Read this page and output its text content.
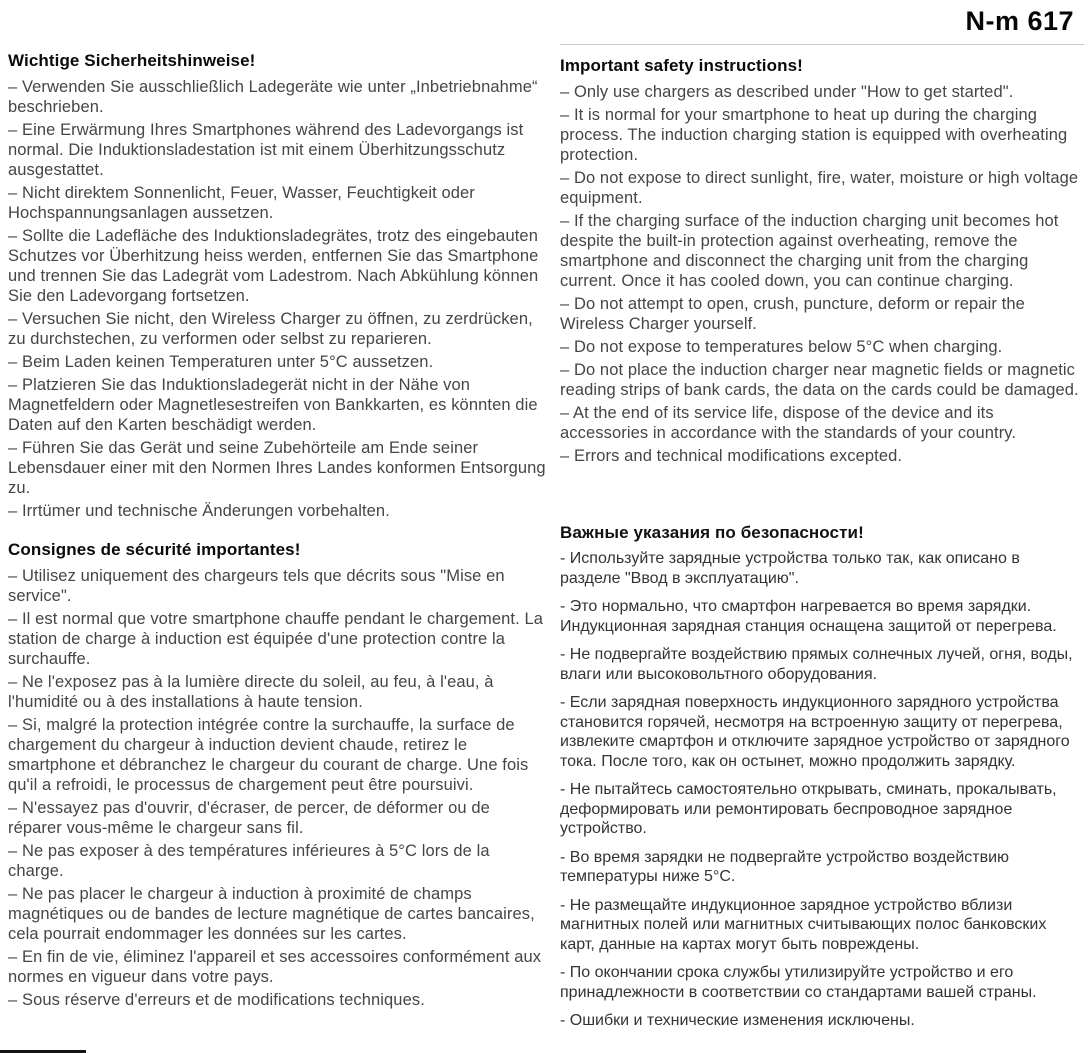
N-m 617
Wichtige Sicherheitshinweise!

– Verwenden Sie ausschließlich Ladegeräte wie unter „Inbetriebnahme“ beschrieben.

– Eine Erwärmung Ihres Smartphones während des Ladevorgangs ist normal. Die Induktionsladestation ist mit einem Überhitzungsschutz ausgestattet.

– Nicht direktem Sonnenlicht, Feuer, Wasser, Feuchtigkeit oder Hochspannungsanlagen aussetzen.

– Sollte die Ladefläche des Induktionsladegrätes, trotz des eingebauten Schutzes vor Überhitzung heiss werden, entfernen Sie das Smartphone und trennen Sie das Ladegrät vom Ladestrom. Nach Abkühlung können Sie den Ladevorgang fortsetzen.

– Versuchen Sie nicht, den Wireless Charger zu öffnen, zu zerdrücken, zu durchstechen, zu verformen oder selbst zu reparieren.

– Beim Laden keinen Temperaturen unter 5°C aussetzen.

– Platzieren Sie das Induktionsladegerät nicht in der Nähe von Magnetfeldern oder Magnetlesestreifen von Bankkarten, es könnten die Daten auf den Karten beschädigt werden.

– Führen Sie das Gerät und seine Zubehörteile am Ende seiner Lebensdauer einer mit den Normen Ihres Landes konformen Entsorgung zu.

– Irrtümer und technische Änderungen vorbehalten.

Consignes de sécurité importantes!

– Utilisez uniquement des chargeurs tels que décrits sous "Mise en service".

– Il est normal que votre smartphone chauffe pendant le chargement. La station de charge à induction est équipée d'une protection contre la surchauffe.

– Ne l'exposez pas à la lumière directe du soleil, au feu, à l'eau, à l'humidité ou à des installations à haute tension.

– Si, malgré la protection intégrée contre la surchauffe, la surface de chargement du chargeur à induction devient chaude, retirez le smartphone et débranchez le chargeur du courant de charge. Une fois qu'il a refroidi, le processus de chargement peut être poursuivi.

– N'essayez pas d'ouvrir, d'écraser, de percer, de déformer ou de réparer vous-même le chargeur sans fil.

– Ne pas exposer à des températures inférieures à 5°C lors de la charge.

– Ne pas placer le chargeur à induction à proximité de champs magnétiques ou de bandes de lecture magnétique de cartes bancaires, cela pourrait endommager les données sur les cartes.

– En fin de vie, éliminez l'appareil et ses accessoires conformément aux normes en vigueur dans votre pays.

– Sous réserve d'erreurs et de modifications techniques.

Important safety instructions!

– Only use chargers as described under "How to get started".

– It is normal for your smartphone to heat up during the charging process. The induction charging station is equipped with overheating protection.

– Do not expose to direct sunlight, fire, water, moisture or high voltage equipment.

– If the charging surface of the induction charging unit becomes hot despite the built-in protection against overheating, remove the smartphone and disconnect the charging unit from the charging current. Once it has cooled down, you can continue charging.

– Do not attempt to open, crush, puncture, deform or repair the Wireless Charger yourself.

– Do not expose to temperatures below 5°C when charging.

– Do not place the induction charger near magnetic fields or magnetic reading strips of bank cards, the data on the cards could be damaged.

– At the end of its service life, dispose of the device and its accessories in accordance with the standards of your country.

– Errors and technical modifications excepted.

Важные указания по безопасности!

- Используйте зарядные устройства только так, как описано в разделе "Ввод в эксплуатацию".

- Это нормально, что смартфон нагревается во время зарядки. Индукционная зарядная станция оснащена защитой от перегрева.

- Не подвергайте воздействию прямых солнечных лучей, огня, воды, влаги или высоковольтного оборудования.

- Если зарядная поверхность индукционного зарядного устройства становится горячей, несмотря на встроенную защиту от перегрева, извлеките смартфон и отключите зарядное устройство от зарядного тока. После того, как он остынет, можно продолжить зарядку.

- Не пытайтесь самостоятельно открывать, сминать, прокалывать, деформировать или ремонтировать беспроводное зарядное устройство.

- Во время зарядки не подвергайте устройство воздействию температуры ниже 5°C.

- Не размещайте индукционное зарядное устройство вблизи магнитных полей или магнитных считывающих полос банковских карт, данные на картах могут быть повреждены.

- По окончании срока службы утилизируйте устройство и его принадлежности в соответствии со стандартами вашей страны.

- Ошибки и технические изменения исключены.
